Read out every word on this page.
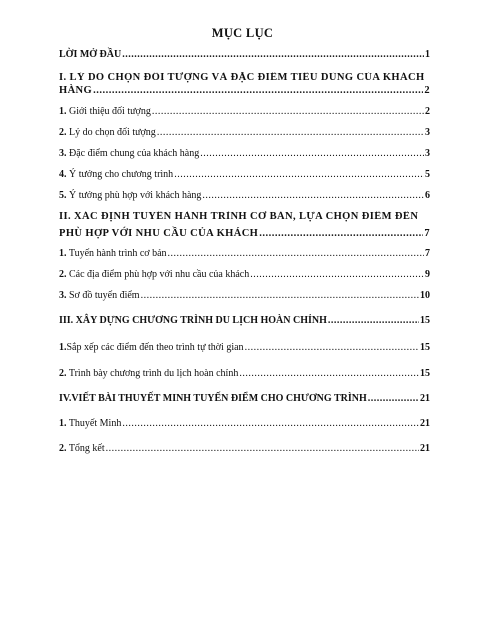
MỤC LỤC
LỜI MỞ ĐẦU .....	1
I. LÝ DO CHỌN ĐỐI TƯỢNG VÀ ĐẶC ĐIỂM TIÊU DÙNG CỦA KHÁCH
HÀNG .....	2
1. Giới thiệu đối tượng .....	2
2. Lý do chọn đối tượng .....	3
3. Đặc điểm chung của khách hàng .....	3
4. Ý tưởng cho chương trình .....	5
5. Ý tưởng phù hợp với khách hàng .....	6
II. XÁC ĐỊNH TUYẾN HÀNH TRÌNH CƠ BẢN, LỰA CHỌN ĐIỂM ĐẾN
PHÙ HỢP VỚI NHU CẦU CỦA KHÁCH .....	7
1. Tuyến hành trình cơ bản .....	7
2. Các địa điểm phù hợp với nhu cầu của khách .....	9
3. Sơ đồ tuyến điểm .....	10
III. XÂY DỰNG CHƯƠNG TRÌNH DU LỊCH HOÀN CHỈNH .....	15
1.Sắp xếp các điểm đến theo trình tự thời gian .....	15
2. Trình bày chương trình du lịch hoàn chỉnh .....	15
IV.VIẾT BÀI THUYẾT MINH TUYẾN ĐIỂM CHO CHƯƠNG TRÌNH .....	21
1. Thuyết Minh .....	21
2. Tổng kết .....	21
